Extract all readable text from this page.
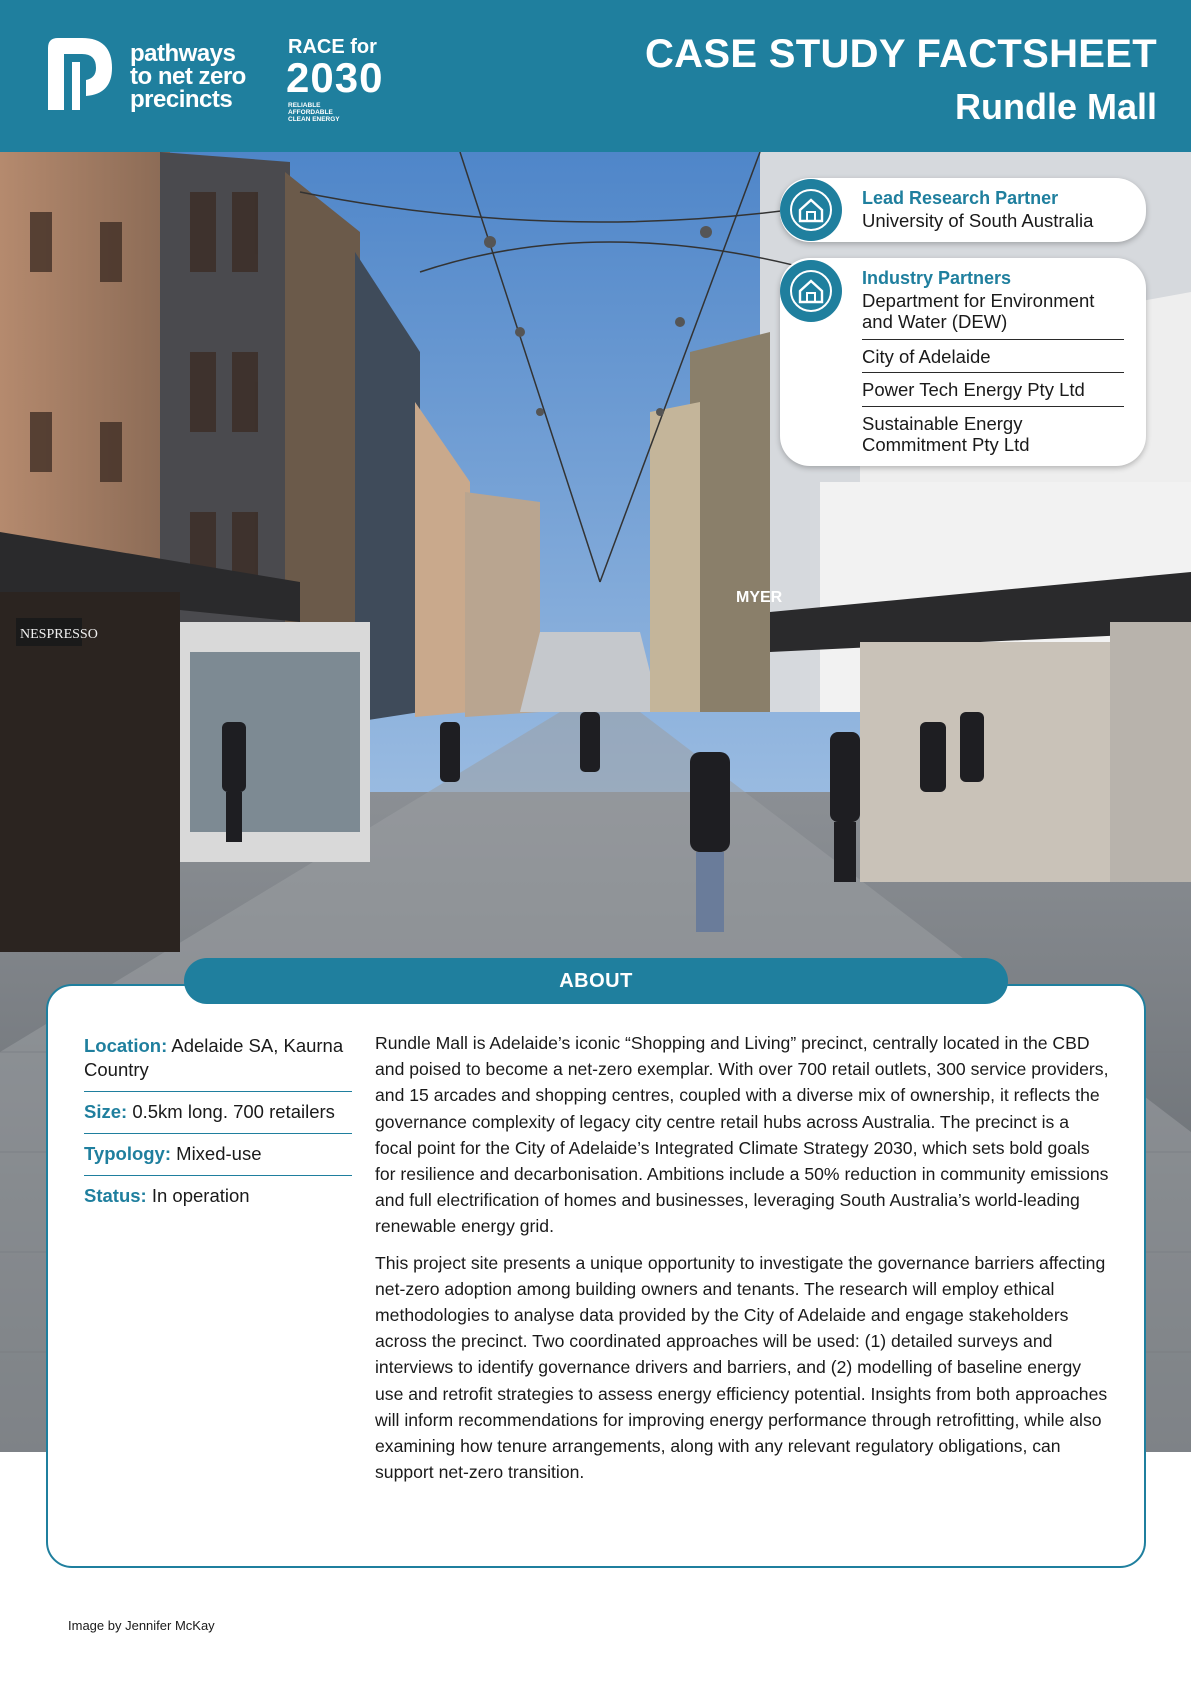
pathways
to net zero
precincts
RACE for
2030
RELIABLE AFFORDABLE CLEAN ENERGY
CASE STUDY FACTSHEET
Rundle Mall
NESPRESSO
MYER
Lead Research Partner
University of South Australia
Industry Partners
Department for Environment and Water (DEW)
City of Adelaide
Power Tech Energy Pty Ltd
Sustainable Energy Commitment Pty Ltd
ABOUT
Location: Adelaide SA, Kaurna Country
Size: 0.5km long. 700 retailers
Typology: Mixed-use
Status: In operation

Rundle Mall is Adelaide’s iconic “Shopping and Living” precinct, centrally located in the CBD and poised to become a net-zero exemplar. With over 700 retail outlets, 300 service providers, and 15 arcades and shopping centres, coupled with a diverse mix of ownership, it reflects the governance complexity of legacy city centre retail hubs across Australia. The precinct is a focal point for the City of Adelaide’s Integrated Climate Strategy 2030, which sets bold goals for resilience and decarbonisation. Ambitions include a 50% reduction in community emissions and full electrification of homes and businesses, leveraging South Australia’s world-leading renewable energy grid.

This project site presents a unique opportunity to investigate the governance barriers affecting net-zero adoption among building owners and tenants. The research will employ ethical methodologies to analyse data provided by the City of Adelaide and engage stakeholders across the precinct. Two coordinated approaches will be used: (1) detailed surveys and interviews to identify governance drivers and barriers, and (2) modelling of baseline energy use and retrofit strategies to assess energy efficiency potential. Insights from both approaches will inform recommendations for improving energy performance through retrofitting, while also examining how tenure arrangements, along with any relevant regulatory obligations, can support net-zero transition.

Image by Jennifer McKay
